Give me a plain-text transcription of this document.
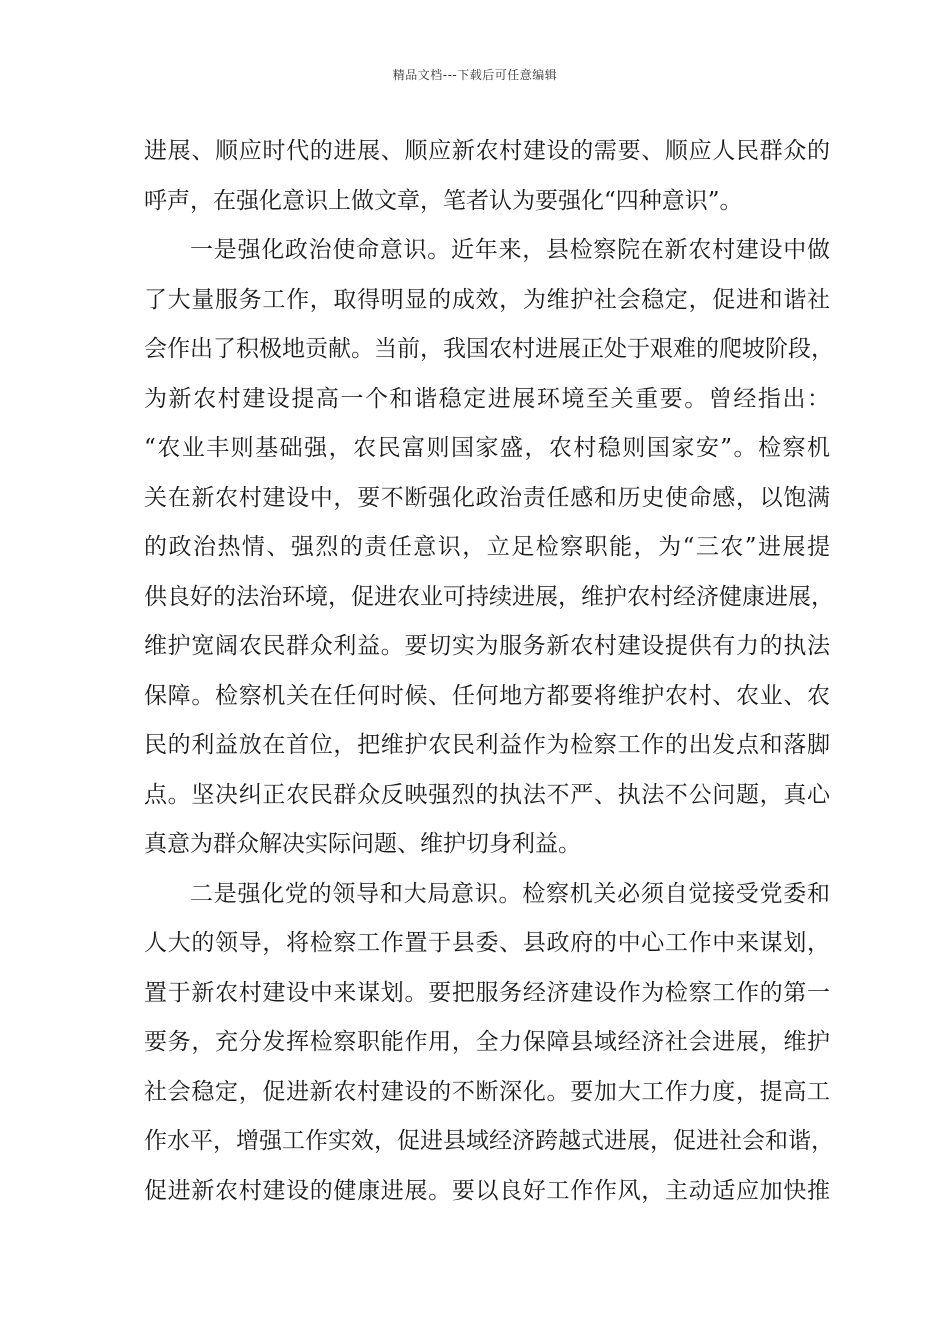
精品文档---下载后可任意编辑
进展、顺应时代的进展、顺应新农村建设的需要、顺应人民群众的
呼声，在强化意识上做文章，笔者认为要强化“四种意识”。
一是强化政治使命意识。近年来，县检察院在新农村建设中做
了大量服务工作，取得明显的成效，为维护社会稳定，促进和谐社
会作出了积极地贡献。当前，我国农村进展正处于艰难的爬坡阶段，
为新农村建设提高一个和谐稳定进展环境至关重要。曾经指出：
“农业丰则基础强，农民富则国家盛，农村稳则国家安”。检察机
关在新农村建设中，要不断强化政治责任感和历史使命感，以饱满
的政治热情、强烈的责任意识，立足检察职能，为“三农”进展提
供良好的法治环境，促进农业可持续进展，维护农村经济健康进展，
维护宽阔农民群众利益。要切实为服务新农村建设提供有力的执法
保障。检察机关在任何时候、任何地方都要将维护农村、农业、农
民的利益放在首位，把维护农民利益作为检察工作的出发点和落脚
点。坚决纠正农民群众反映强烈的执法不严、执法不公问题，真心
真意为群众解决实际问题、维护切身利益。
二是强化党的领导和大局意识。检察机关必须自觉接受党委和
人大的领导，将检察工作置于县委、县政府的中心工作中来谋划，
置于新农村建设中来谋划。要把服务经济建设作为检察工作的第一
要务，充分发挥检察职能作用，全力保障县域经济社会进展，维护
社会稳定，促进新农村建设的不断深化。要加大工作力度，提高工
作水平，增强工作实效，促进县域经济跨越式进展，促进社会和谐，
促进新农村建设的健康进展。要以良好工作作风，主动适应加快推
